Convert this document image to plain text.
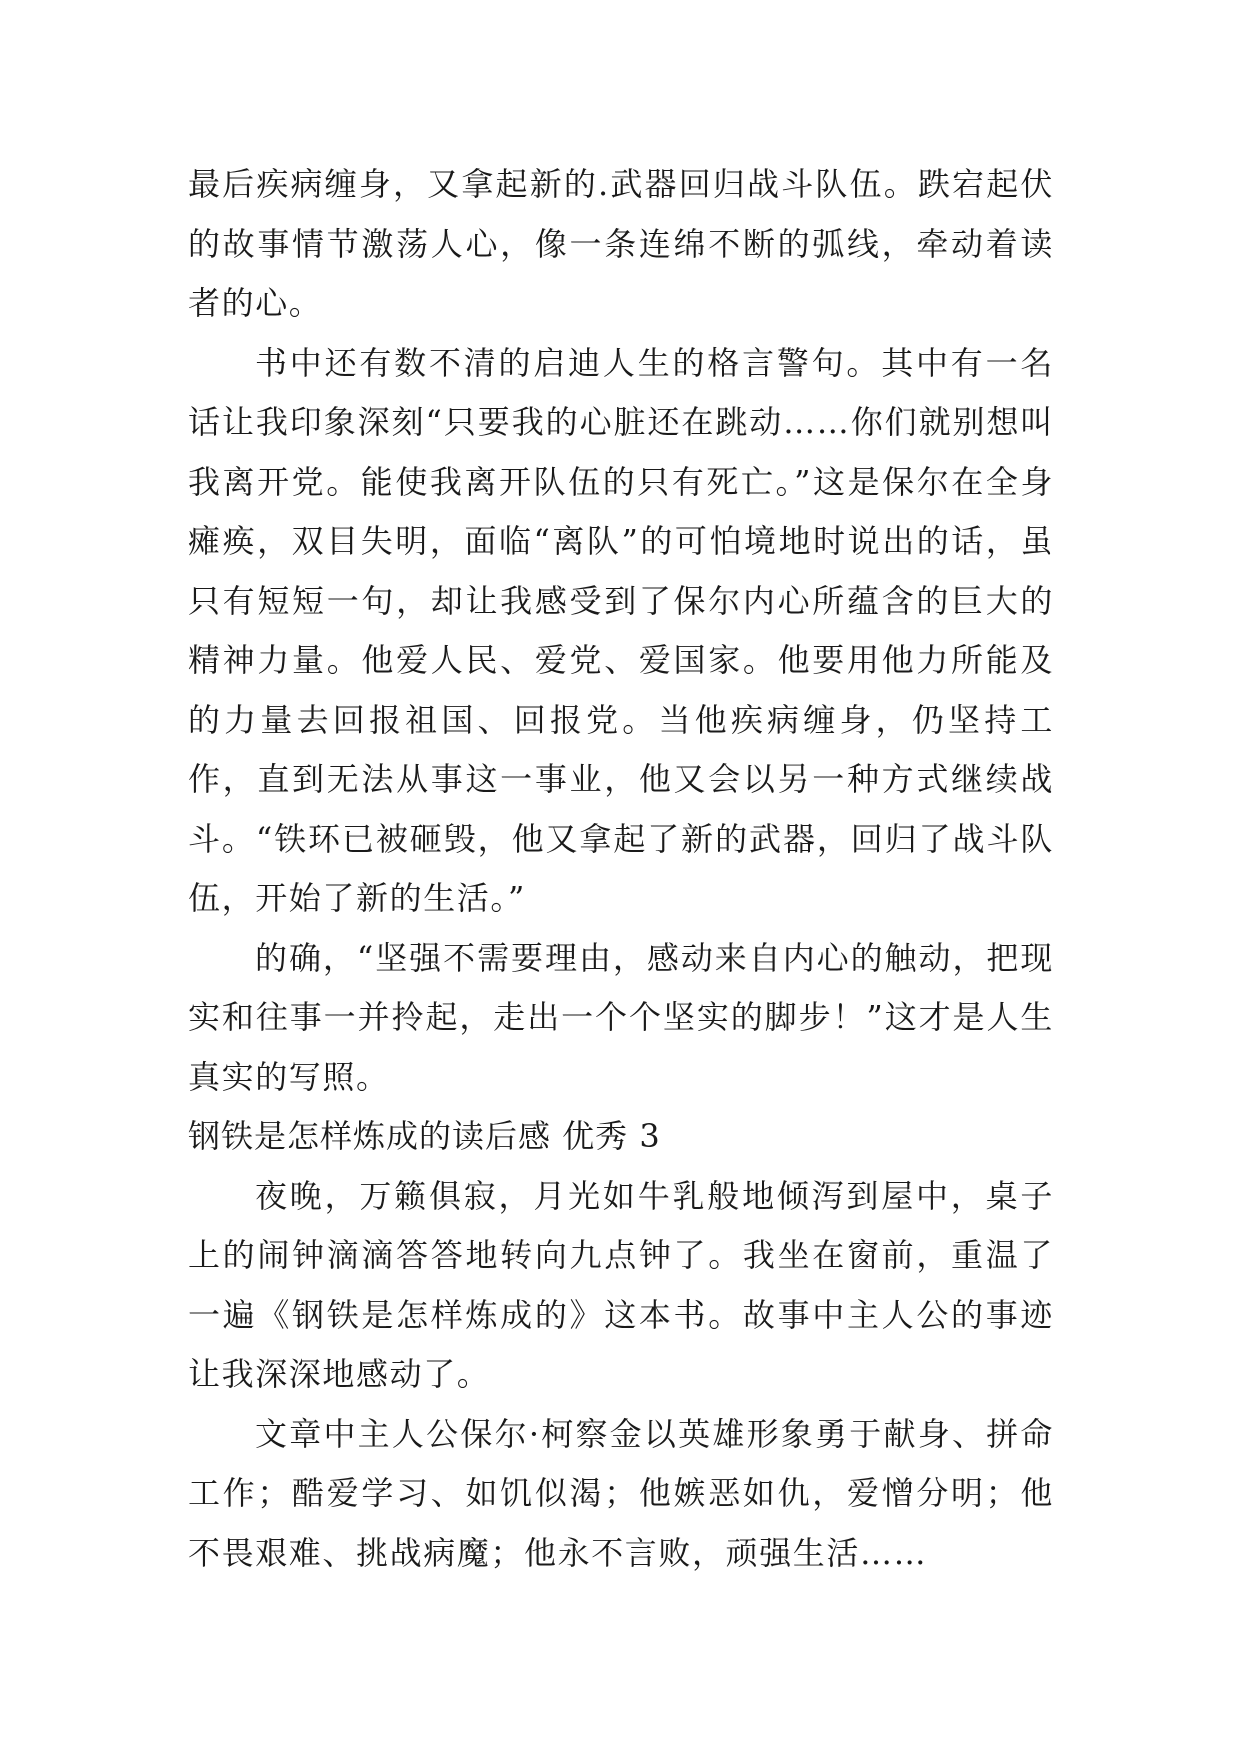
最后疾病缠身，又拿起新的.武器回归战斗队伍。跌宕起伏的故事情节激荡人心，像一条连绵不断的弧线，牵动着读者的心。

书中还有数不清的启迪人生的格言警句。其中有一名话让我印象深刻“只要我的心脏还在跳动……你们就别想叫我离开党。能使我离开队伍的只有死亡。”这是保尔在全身瘫痪，双目失明，面临“离队”的可怕境地时说出的话，虽只有短短一句，却让我感受到了保尔内心所蕴含的巨大的精神力量。他爱人民、爱党、爱国家。他要用他力所能及的力量去回报祖国、回报党。当他疾病缠身，仍坚持工作，直到无法从事这一事业，他又会以另一种方式继续战斗。“铁环已被砸毁，他又拿起了新的武器，回归了战斗队伍，开始了新的生活。”

的确，“坚强不需要理由，感动来自内心的触动，把现实和往事一并拎起，走出一个个坚实的脚步！”这才是人生真实的写照。

钢铁是怎样炼成的读后感 优秀 3

夜晚，万籁俱寂，月光如牛乳般地倾泻到屋中，桌子上的闹钟滴滴答答地转向九点钟了。我坐在窗前，重温了一遍《钢铁是怎样炼成的》这本书。故事中主人公的事迹让我深深地感动了。

文章中主人公保尔·柯察金以英雄形象勇于献身、拼命工作；酷爱学习、如饥似渴；他嫉恶如仇，爱憎分明；他不畏艰难、挑战病魔；他永不言败，顽强生活……
